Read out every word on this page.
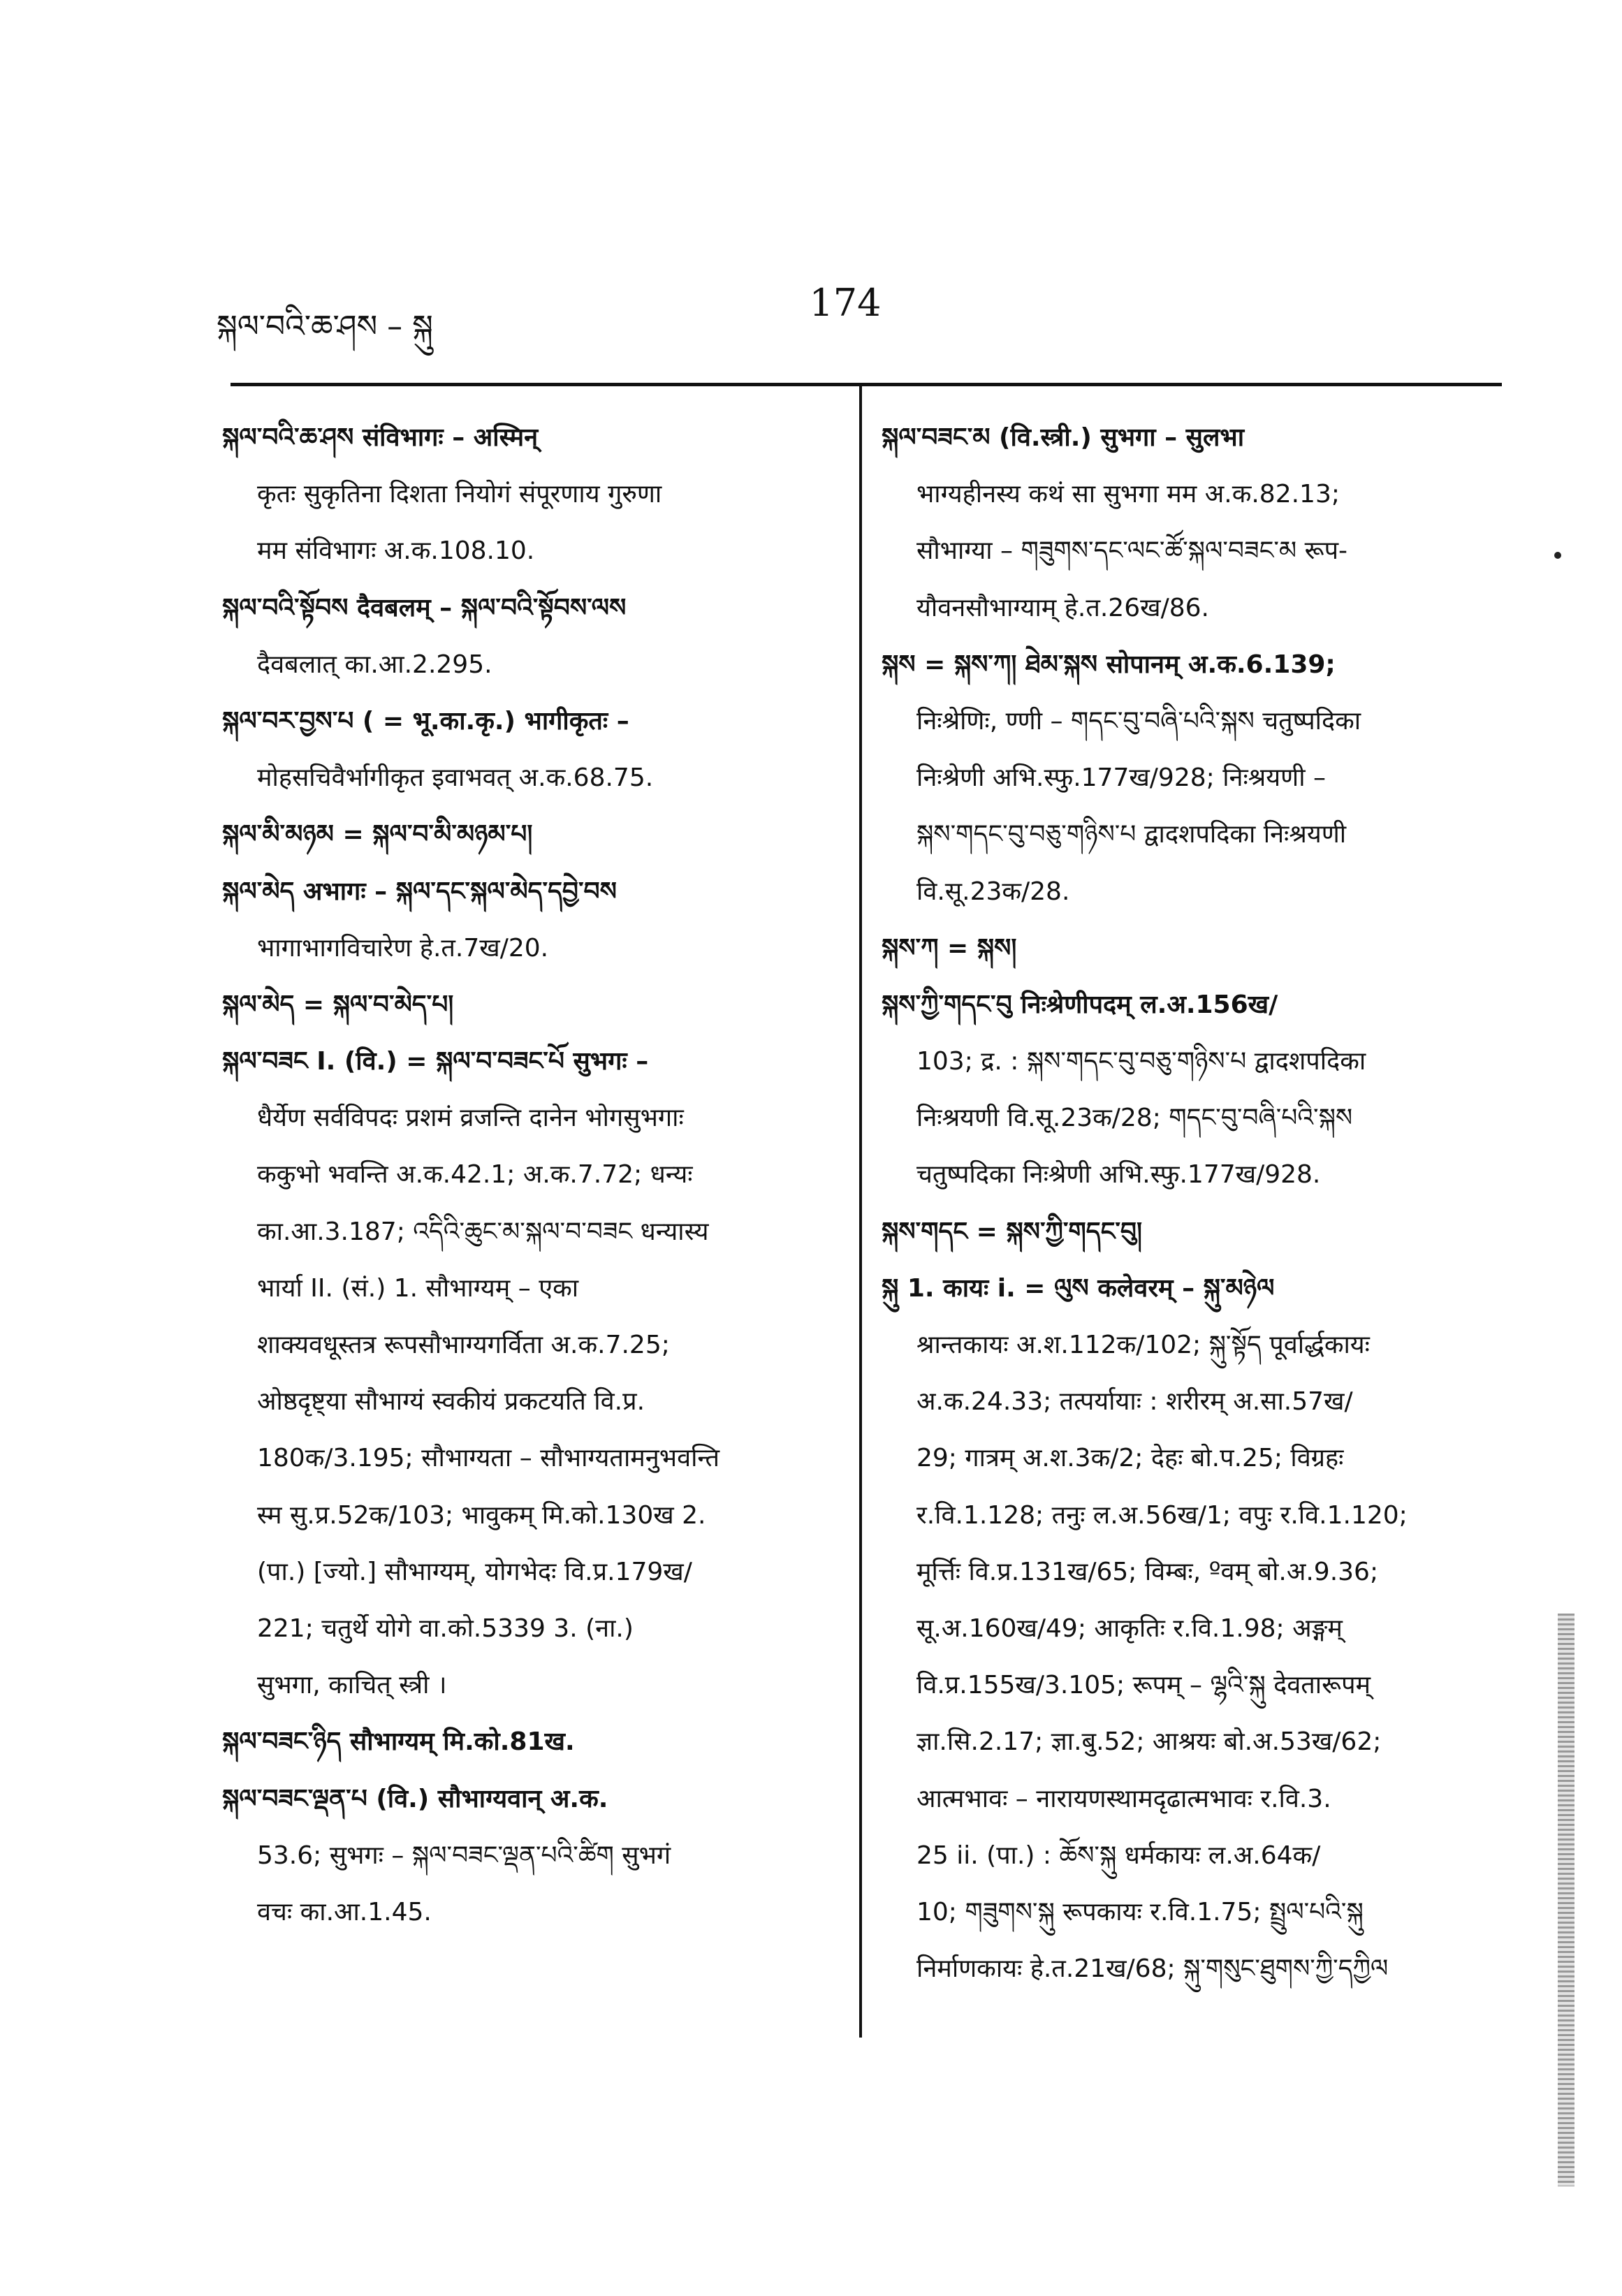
སྐལ་བའི་ཆ་ཤས – སྐུ
174
སྐལ་བའི་ཆ་ཤས संविभागः – अस्मिन्
कृतः सुकृतिना दिशता नियोगं संपूरणाय गुरुणा
मम संविभागः अ.क.108.10.
སྐལ་བའི་སྟོབས दैवबलम् – སྐལ་བའི་སྟོབས་ལས
दैवबलात् का.आ.2.295.
སྐལ་བར་བྱས་པ ( = भू.का.कृ.) भागीकृतः –
मोहसचिवैर्भागीकृत इवाभवत् अ.क.68.75.
སྐལ་མི་མཉམ = སྐལ་བ་མི་མཉམ་པ།
སྐལ་མེད अभागः – སྐལ་དང་སྐལ་མེད་དབྱེ་བས
भागाभागविचारेण हे.त.7ख/20.
སྐལ་མེད = སྐལ་བ་མེད་པ།
སྐལ་བཟང I. (वि.) = སྐལ་བ་བཟང་པོ सुभगः –
धैर्येण सर्वविपदः प्रशमं व्रजन्ति दानेन भोगसुभगाः
ककुभो भवन्ति अ.क.42.1; अ.क.7.72; धन्यः
का.आ.3.187; འདིའི་ཆུང་མ་སྐལ་བ་བཟང धन्यास्य
भार्या II. (सं.) 1. सौभाग्यम् – एका
शाक्यवधूस्तत्र रूपसौभाग्यगर्विता अ.क.7.25;
ओष्ठदृष्ट्या सौभाग्यं स्वकीयं प्रकटयति वि.प्र.
180क/3.195; सौभाग्यता – सौभाग्यतामनुभवन्ति
स्म सु.प्र.52क/103; भावुकम् मि.को.130ख 2.
(पा.) [ज्यो.] सौभाग्यम्, योगभेदः वि.प्र.179ख/
221; चतुर्थे योगे वा.को.5339 3. (ना.)
सुभगा, काचित् स्त्री ।
སྐལ་བཟང་ཉིད सौभाग्यम् मि.को.81ख.
སྐལ་བཟང་ལྡན་པ (वि.) सौभाग्यवान् अ.क.
53.6; सुभगः – སྐལ་བཟང་ལྡན་པའི་ཚིག सुभगं
वचः का.आ.1.45.
སྐལ་བཟང་མ (वि.स्त्री.) सुभगा – सुलभा
भाग्यहीनस्य कथं सा सुभगा मम अ.क.82.13;
सौभाग्या – གཟུགས་དང་ལང་ཚོ་སྐལ་བཟང་མ रूप-
यौवनसौभाग्याम् हे.त.26ख/86.
སྐས = སྐས་ཀ། ཐེམ་སྐས सोपानम् अ.क.6.139;
निःश्रेणिः, ण्णी – གདང་བུ་བཞི་པའི་སྐས चतुष्पदिका
निःश्रेणी अभि.स्फु.177ख/928; निःश्रयणी –
སྐས་གདང་བུ་བཅུ་གཉིས་པ द्वादशपदिका निःश्रयणी
वि.सू.23क/28.
སྐས་ཀ = སྐས།
སྐས་ཀྱི་གདང་བུ निःश्रेणीपदम् ल.अ.156ख/
103; द्र. : སྐས་གདང་བུ་བཅུ་གཉིས་པ द्वादशपदिका
निःश्रयणी वि.सू.23क/28; གདང་བུ་བཞི་པའི་སྐས
चतुष्पदिका निःश्रेणी अभि.स्फु.177ख/928.
སྐས་གདང = སྐས་ཀྱི་གདང་བུ།
སྐུ 1. कायः i. = ལུས कलेवरम् – སྐུ་མཉེལ
श्रान्तकायः अ.श.112क/102; སྐུ་སྟོད पूर्वार्द्धकायः
अ.क.24.33; तत्पर्यायाः : शरीरम् अ.सा.57ख/
29; गात्रम् अ.श.3क/2; देहः बो.प.25; विग्रहः
र.वि.1.128; तनुः ल.अ.56ख/1; वपुः र.वि.1.120;
मूर्त्तिः वि.प्र.131ख/65; विम्बः, ºवम् बो.अ.9.36;
सू.अ.160ख/49; आकृतिः र.वि.1.98; अङ्गम्
वि.प्र.155ख/3.105; रूपम् – ལྷའི་སྐུ देवतारूपम्
ज्ञा.सि.2.17; ज्ञा.बु.52; आश्रयः बो.अ.53ख/62;
आत्मभावः – नारायणस्थामदृढात्मभावः र.वि.3.
25 ii. (पा.) : ཆོས་སྐུ धर्मकायः ल.अ.64क/
10; གཟུགས་སྐུ रूपकायः र.वि.1.75; སྤྲུལ་པའི་སྐུ
निर्माणकायः हे.त.21ख/68; སྐུ་གསུང་ཐུགས་ཀྱི་དཀྱིལ
